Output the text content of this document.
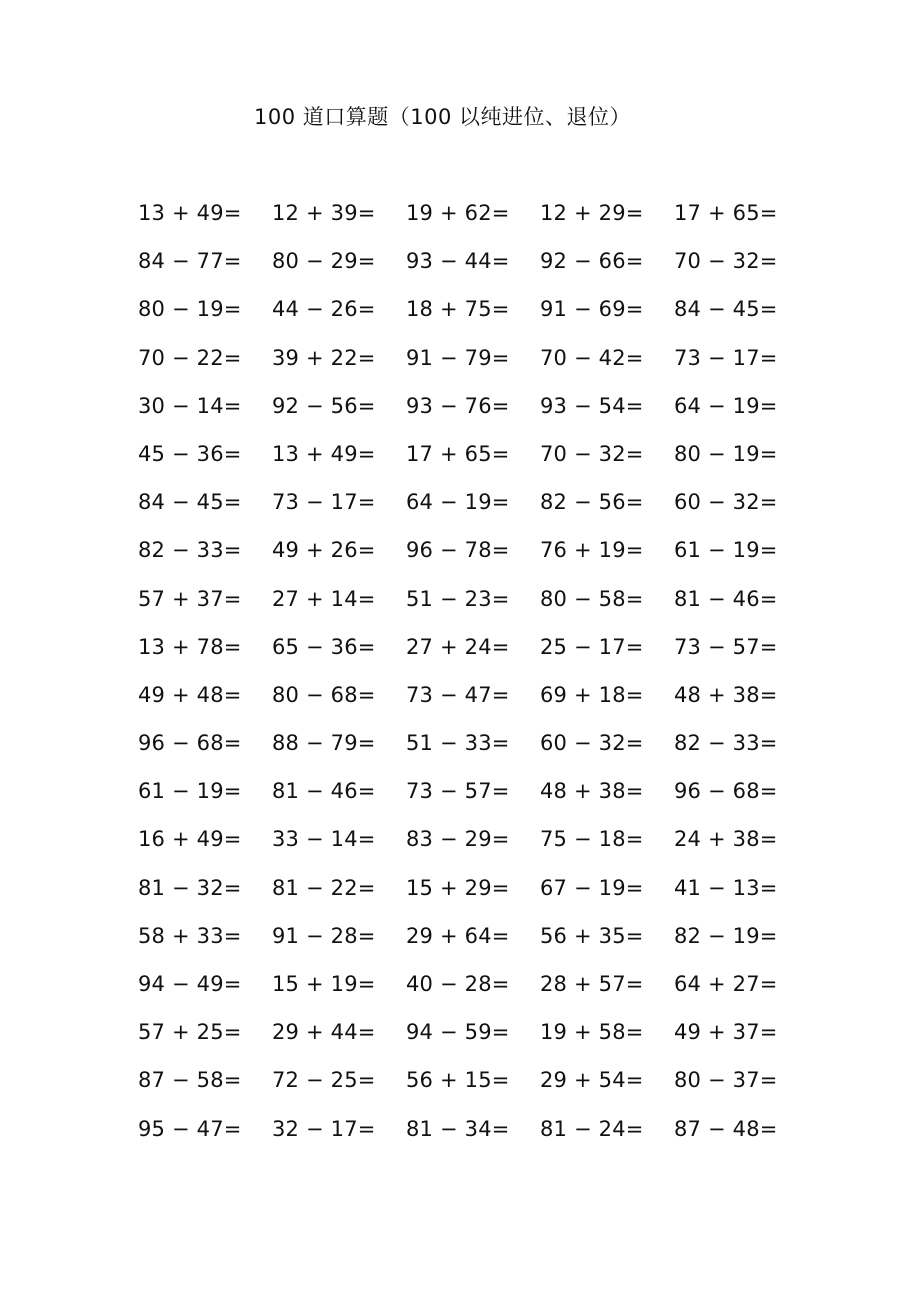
100 道口算题（100 以纯进位、退位）
13 + 49=	12 + 39=	19 + 62=	12 + 29=	17 + 65=
84 − 77=	80 − 29=	93 − 44=	92 − 66=	70 − 32=
80 − 19=	44 − 26=	18 + 75=	91 − 69=	84 − 45=
70 − 22=	39 + 22=	91 − 79=	70 − 42=	73 − 17=
30 − 14=	92 − 56=	93 − 76=	93 − 54=	64 − 19=
45 − 36=	13 + 49=	17 + 65=	70 − 32=	80 − 19=
84 − 45=	73 − 17=	64 − 19=	82 − 56=	60 − 32=
82 − 33=	49 + 26=	96 − 78=	76 + 19=	61 − 19=
57 + 37=	27 + 14=	51 − 23=	80 − 58=	81 − 46=
13 + 78=	65 − 36=	27 + 24=	25 − 17=	73 − 57=
49 + 48=	80 − 68=	73 − 47=	69 + 18=	48 + 38=
96 − 68=	88 − 79=	51 − 33=	60 − 32=	82 − 33=
61 − 19=	81 − 46=	73 − 57=	48 + 38=	96 − 68=
16 + 49=	33 − 14=	83 − 29=	75 − 18=	24 + 38=
81 − 32=	81 − 22=	15 + 29=	67 − 19=	41 − 13=
58 + 33=	91 − 28=	29 + 64=	56 + 35=	82 − 19=
94 − 49=	15 + 19=	40 − 28=	28 + 57=	64 + 27=
57 + 25=	29 + 44=	94 − 59=	19 + 58=	49 + 37=
87 − 58=	72 − 25=	56 + 15=	29 + 54=	80 − 37=
95 − 47=	32 − 17=	81 − 34=	81 − 24=	87 − 48=
